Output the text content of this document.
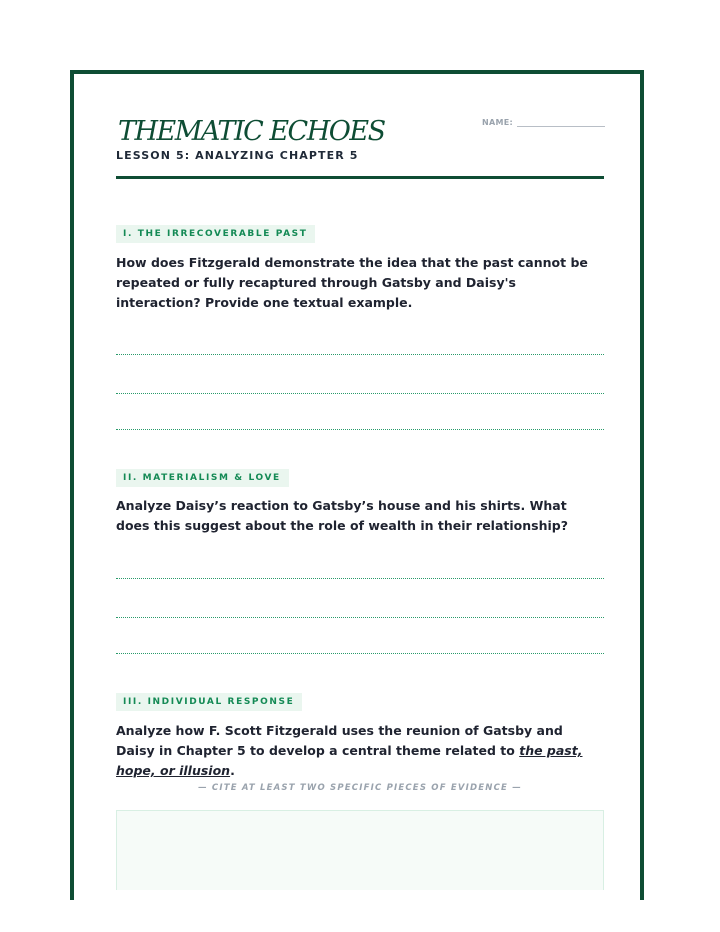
THEMATIC ECHOES
LESSON 5: ANALYZING CHAPTER 5
NAME:
I. THE IRRECOVERABLE PAST
How does Fitzgerald demonstrate the idea that the past cannot be repeated or fully recaptured through Gatsby and Daisy's interaction? Provide one textual example.
II. MATERIALISM & LOVE
Analyze Daisy’s reaction to Gatsby’s house and his shirts. What does this suggest about the role of wealth in their relationship?
III. INDIVIDUAL RESPONSE
Analyze how F. Scott Fitzgerald uses the reunion of Gatsby and Daisy in Chapter 5 to develop a central theme related to the past, hope, or illusion.
— CITE AT LEAST TWO SPECIFIC PIECES OF EVIDENCE —
